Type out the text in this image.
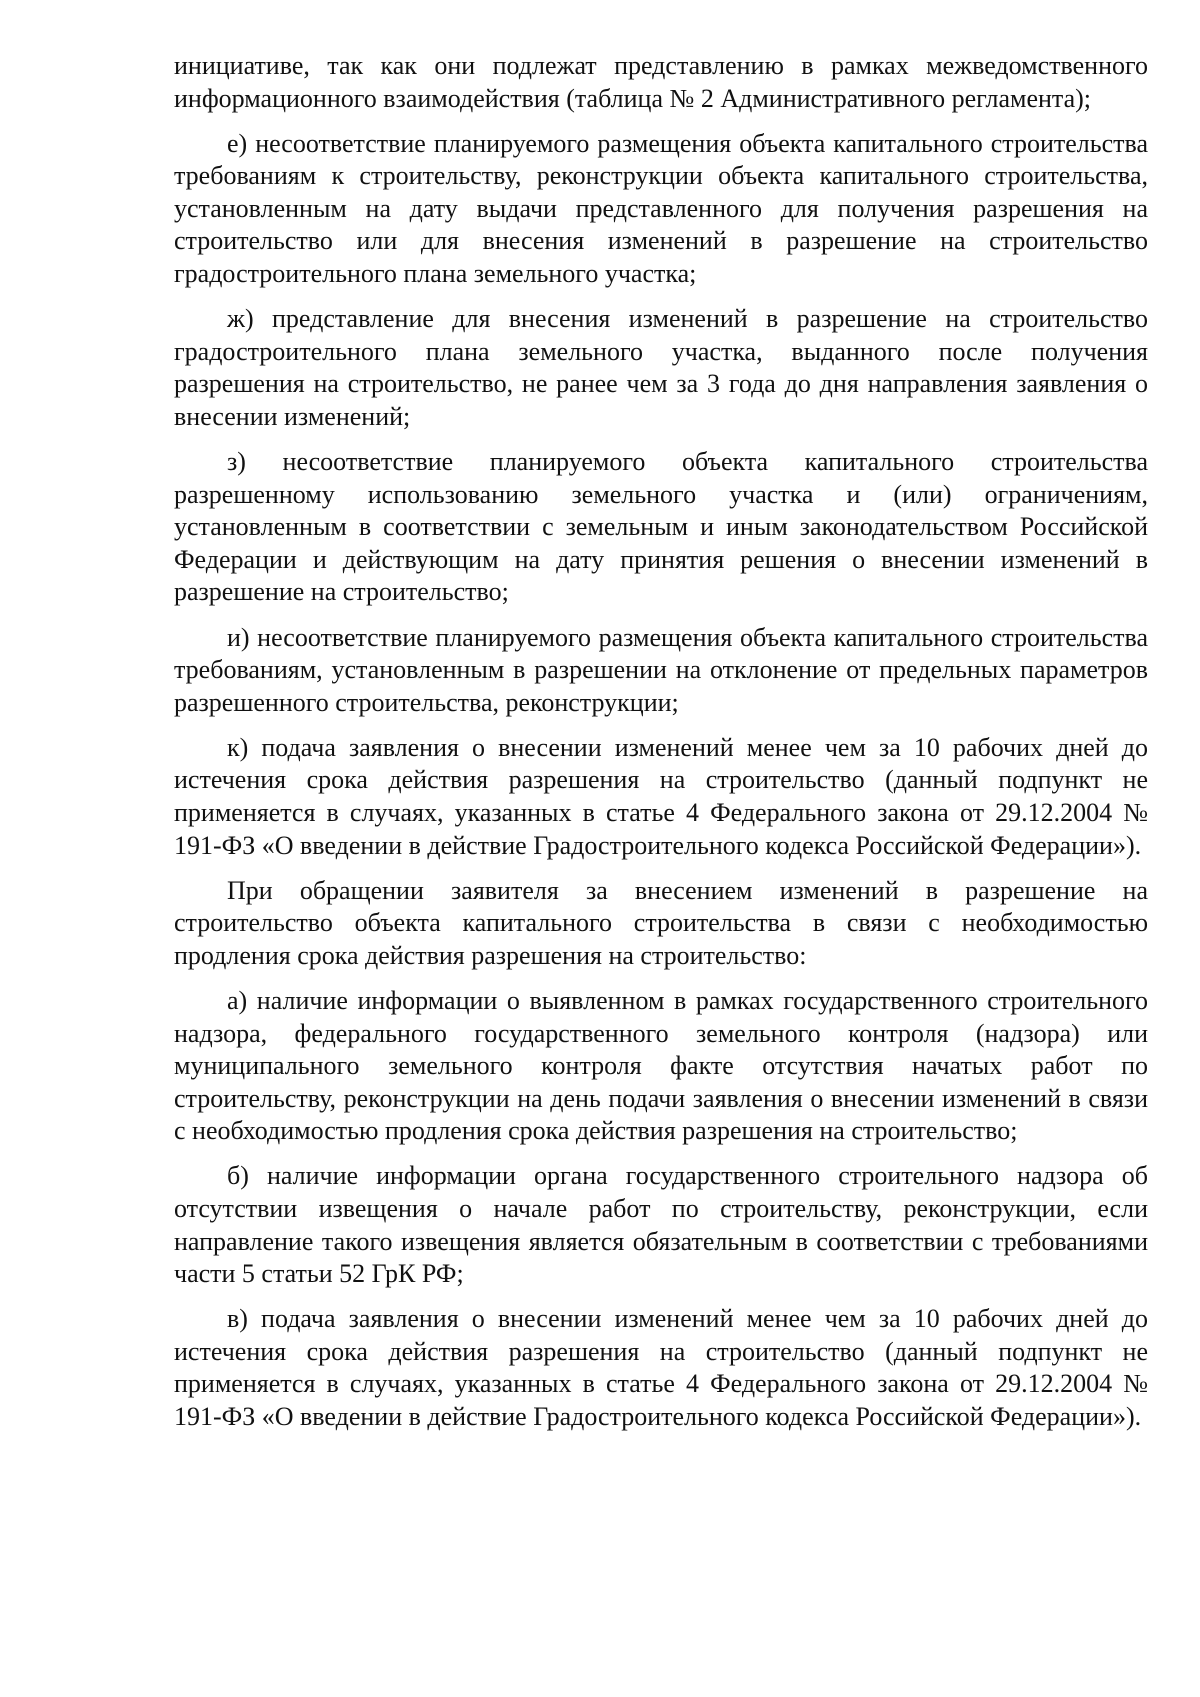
инициативе, так как они подлежат представлению в рамках межведомственного информационного взаимодействия (таблица № 2 Административного регламента);

е) несоответствие планируемого размещения объекта капитального строительства требованиям к строительству, реконструкции объекта капитального строительства, установленным на дату выдачи представленного для получения разрешения на строительство или для внесения изменений в разрешение на строительство градостроительного плана земельного участка;

ж) представление для внесения изменений в разрешение на строительство градостроительного плана земельного участка, выданного после получения разрешения на строительство, не ранее чем за 3 года до дня направления заявления о внесении изменений;

з) несоответствие планируемого объекта капитального строительства разрешенному использованию земельного участка и (или) ограничениям, установленным в соответствии с земельным и иным законодательством Российской Федерации и действующим на дату принятия решения о внесении изменений в разрешение на строительство;

и) несоответствие планируемого размещения объекта капитального строительства требованиям, установленным в разрешении на отклонение от предельных параметров разрешенного строительства, реконструкции;

к) подача заявления о внесении изменений менее чем за 10 рабочих дней до истечения срока действия разрешения на строительство (данный подпункт не применяется в случаях, указанных в статье 4 Федерального закона от 29.12.2004 № 191-ФЗ «О введении в действие Градостроительного кодекса Российской Федерации»).

При обращении заявителя за внесением изменений в разрешение на строительство объекта капитального строительства в связи с необходимостью продления срока действия разрешения на строительство:

а) наличие информации о выявленном в рамках государственного строительного надзора, федерального государственного земельного контроля (надзора) или муниципального земельного контроля факте отсутствия начатых работ по строительству, реконструкции на день подачи заявления о внесении изменений в связи с необходимостью продления срока действия разрешения на строительство;

б) наличие информации органа государственного строительного надзора об отсутствии извещения о начале работ по строительству, реконструкции, если направление такого извещения является обязательным в соответствии с требованиями части 5 статьи 52 ГрК РФ;

в) подача заявления о внесении изменений менее чем за 10 рабочих дней до истечения срока действия разрешения на строительство (данный подпункт не применяется в случаях, указанных в статье 4 Федерального закона от 29.12.2004 № 191-ФЗ «О введении в действие Градостроительного кодекса Российской Федерации»).
